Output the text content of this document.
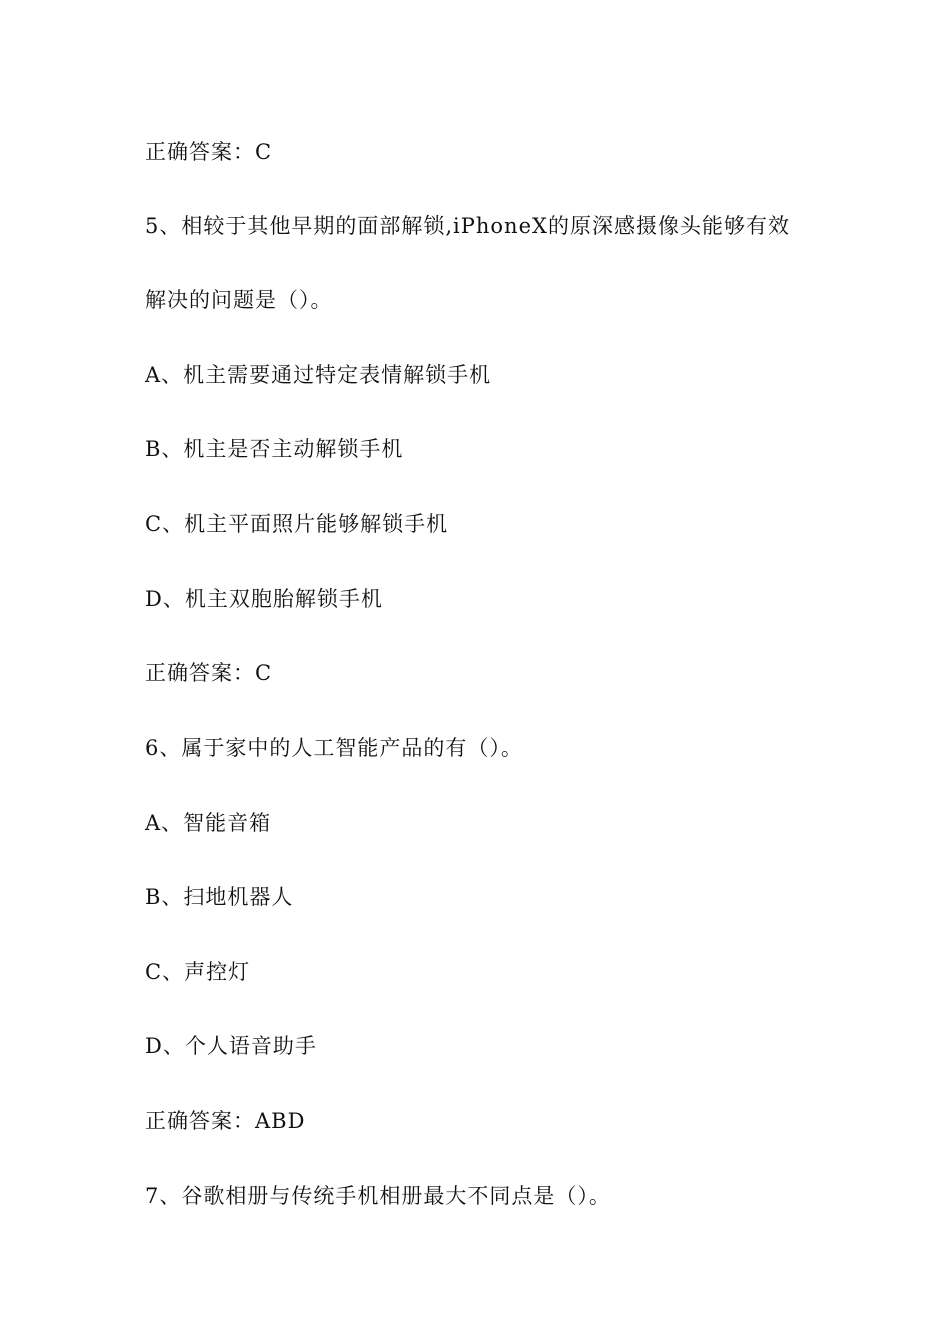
正确答案：C
5、相较于其他早期的面部解锁,iPhoneX的原深感摄像头能够有效
解决的问题是（）。
A、机主需要通过特定表情解锁手机
B、机主是否主动解锁手机
C、机主平面照片能够解锁手机
D、机主双胞胎解锁手机
正确答案：C
6、属于家中的人工智能产品的有（）。
A、智能音箱
B、扫地机器人
C、声控灯
D、个人语音助手
正确答案：ABD
7、谷歌相册与传统手机相册最大不同点是（）。
